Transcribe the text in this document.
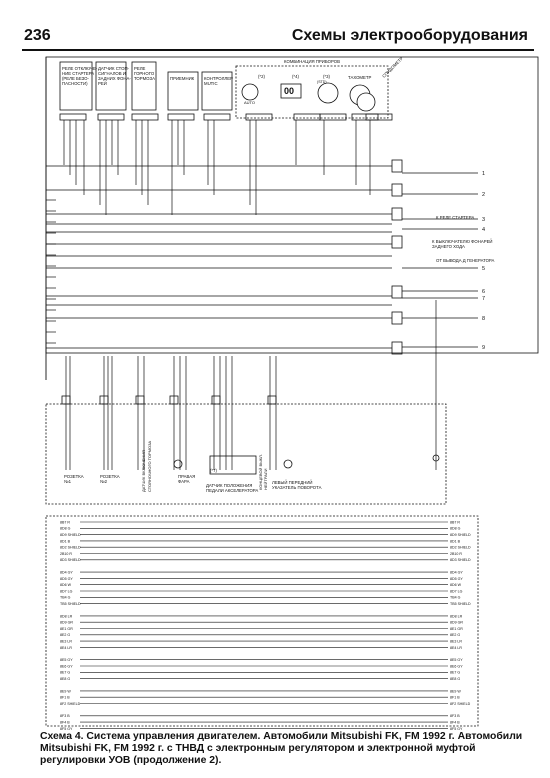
236	Схемы электрооборудования
РЕЛЕ ОТКЛЮЧЕ-
НИЕ СТАРТЕРА
(РЕЛЕ БЕЗО-
ПАСНОСТИ)
ДАТЧИК СТОП-
СИГНАЛОВ И
ЗАДНИХ ФОНА-
РЕЙ
РЕЛЕ
ГОРНОГО
ТОРМОЗА	ПРИЕМНИК КОНТРОЛЛЕР
MUTIC
КОМБИНАЦИЯ ПРИБОРОВ
(*2)	(*4)	(*3)
(STD)
AUTO
00
ТАХОМЕТР СПИДОМЕТР
1
2
3
4
5
6
7
8
9
К РЕЛЕ СТАРТЕРА
К ВЫКЛЮЧАТЕЛЮ ФОНАРЕЙ
ЗАДНЕГО ХОДА
ОТ ВЫВОДА Д ГЕНЕРАТОРА
РОЗЕТКА
№1
РОЗЕТКА
№2	ДАТЧИК ВКЛЮЧЕНИЯ СТОЯНОЧНОГО ТОРМОЗА	ПРАВАЯ
ФАРА
(*7)
ДАТЧИК ПОЛОЖЕНИЯ
ПЕДАЛИ АКСЕЛЕРАТОРА
КОНЦЕВОЙ ВЫКЛ. НЕЙТРАЛИ ЛЕВЫЙ ПЕРЕДНИЙ
УКАЗАТЕЛЬ ПОВОРОТА
8B7 R	8B7 R
8D8 G	8D8 G
8D9 SHIELD	8D9 SHIELD
8D1 B	8D1 B
8D2 SHIELD	8D2 SHIELD
2B10 R	2B10 R
8D3 SHIELD	8D3 SHIELD
8D4 GY	8D4 GY
8D5 GY	8D5 GY
8D6 W	8D6 W
8D7 LG	8D7 LG
TB4 G	TB4 G
TB5 SHIELD	TB5 SHIELD
8D8 LR	8D8 LR
8D9 GR	8D9 GR
8E1 GR	8E1 GR
8E2 G	8E2 G
8E3 LR	8E3 LR
8E4 LR	8E4 LR
8E5 GY	8E5 GY
8E6 GY	8E6 GY
8E7 G	8E7 G
8E8 G	8E8 G
8E9 W	8E9 W
8F1 B	8F1 B
8F2 SHIELD	8F2 SHIELD
8F3 B	8F3 B
8F4 B	8F4 B
8F5 GY	8F5 GY
Схема 4. Система управления двигателем. Автомобили Mitsubishi FK, FM 1992 г. Автомобили Mitsubishi FK, FM 1992 г. с ТНВД с электронным регулятором и электронной муфтой регулировки УОВ (продолжение 2).
